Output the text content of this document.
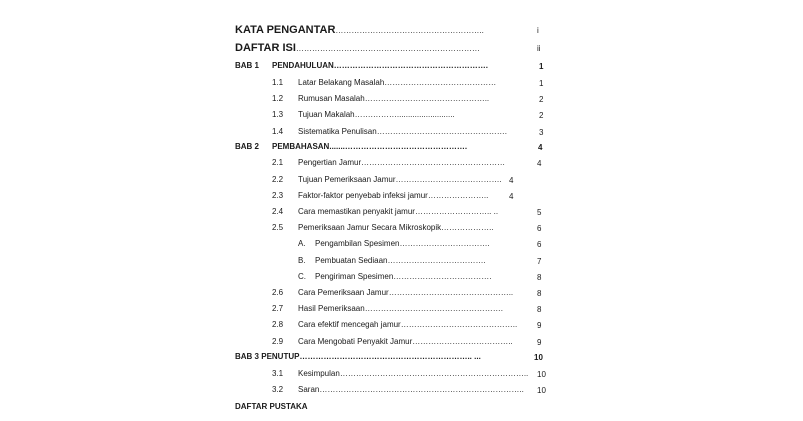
KATA PENGANTAR………………………………………………..	i
DAFTAR ISI……………………………………………………………	ii
BAB 1 PENDAHULUAN………………………………………………….	1
1.1 Latar Belakang Masalah……………………………………	1
1.2 Rumusan Masalah………………………………………..	2
1.3 Tujuan Makalah…….………..........................	2
1.4 Sistematika Penulisan………………………………………….	3
BAB 2 PEMBAHASAN.......……………………………………….	4
2.1 Pengertian Jamur………………………………………………	4
2.2 Tujuan Pemeriksaan Jamur…………………………………. 4
2.3 Faktor-faktor penyebab infeksi jamur…………………..	4
2.4 Cara memastikan penyakit jamur……………………….. ..	5
2.5 Pemeriksaan Jamur Secara Mikroskopik………………..	6
A. Pengambilan Spesimen…………………………….	6
B. Pembuatan Sediaan……………………………….	7
C. Pengiriman Spesimen……………………………….	8
2.6 Cara Pemeriksaan Jamur………………………………………..	8
2.7 Hasil Pemeriksaan…………………………………………….	8
2.8 Cara efektif mencegah jamur…………………………………….. 9
2.9 Cara Mengobati Penyakit Jamur………………………………..	9
BAB 3 PENUTUP……………………………………………………….. ...	10
3.1 Kesimpulan…………………………………………………………….. 10
3.2 Saran………………………………………………………………….. 10
DAFTAR PUSTAKA
